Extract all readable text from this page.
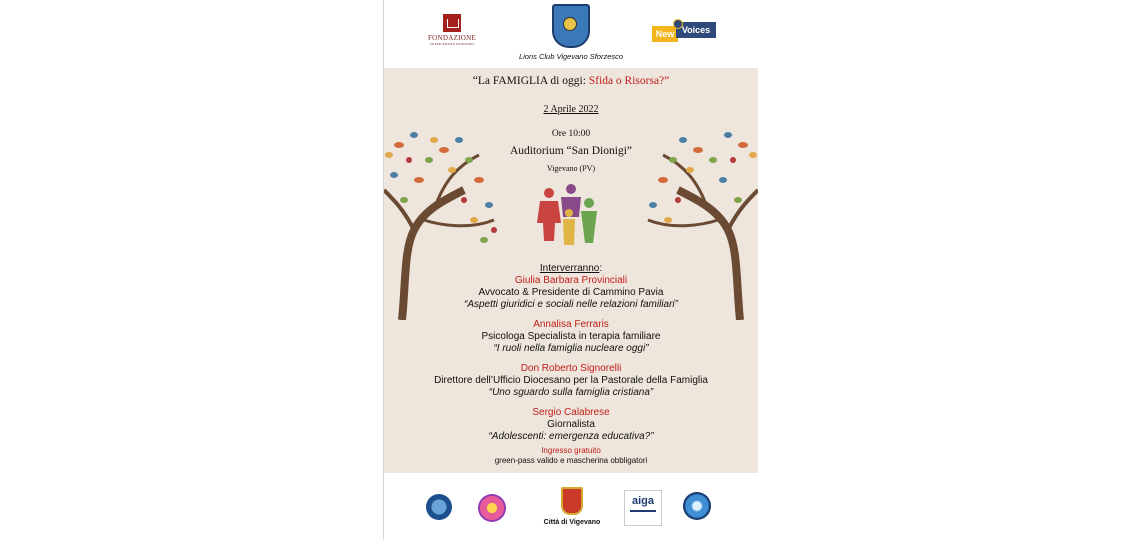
FONDAZIONE
DI PIACENZA E VIGEVANO
Lions Club Vigevano Sforzesco
New Voices
“La FAMIGLIA di oggi: Sfida o Risorsa?”
2 Aprile 2022
Ore 10:00
Auditorium “San Dionigi”
Vigevano (PV)
Interverranno:
Giulia Barbara Provinciali
Avvocato & Presidente di Cammino Pavia
“Aspetti giuridici e sociali nelle relazioni familiari”
Annalisa Ferraris
Psicologa Specialista in terapia familiare
“I ruoli nella famiglia nucleare oggi”
Don Roberto Signorelli
Direttore dell’Ufficio Diocesano per la Pastorale della Famiglia
“Uno sguardo sulla famiglia cristiana”
Sergio Calabrese
Giornalista
“Adolescenti: emergenza educativa?”
Ingresso gratuito
green-pass valido e mascherina obbligatori
Città di Vigevano
aiga
